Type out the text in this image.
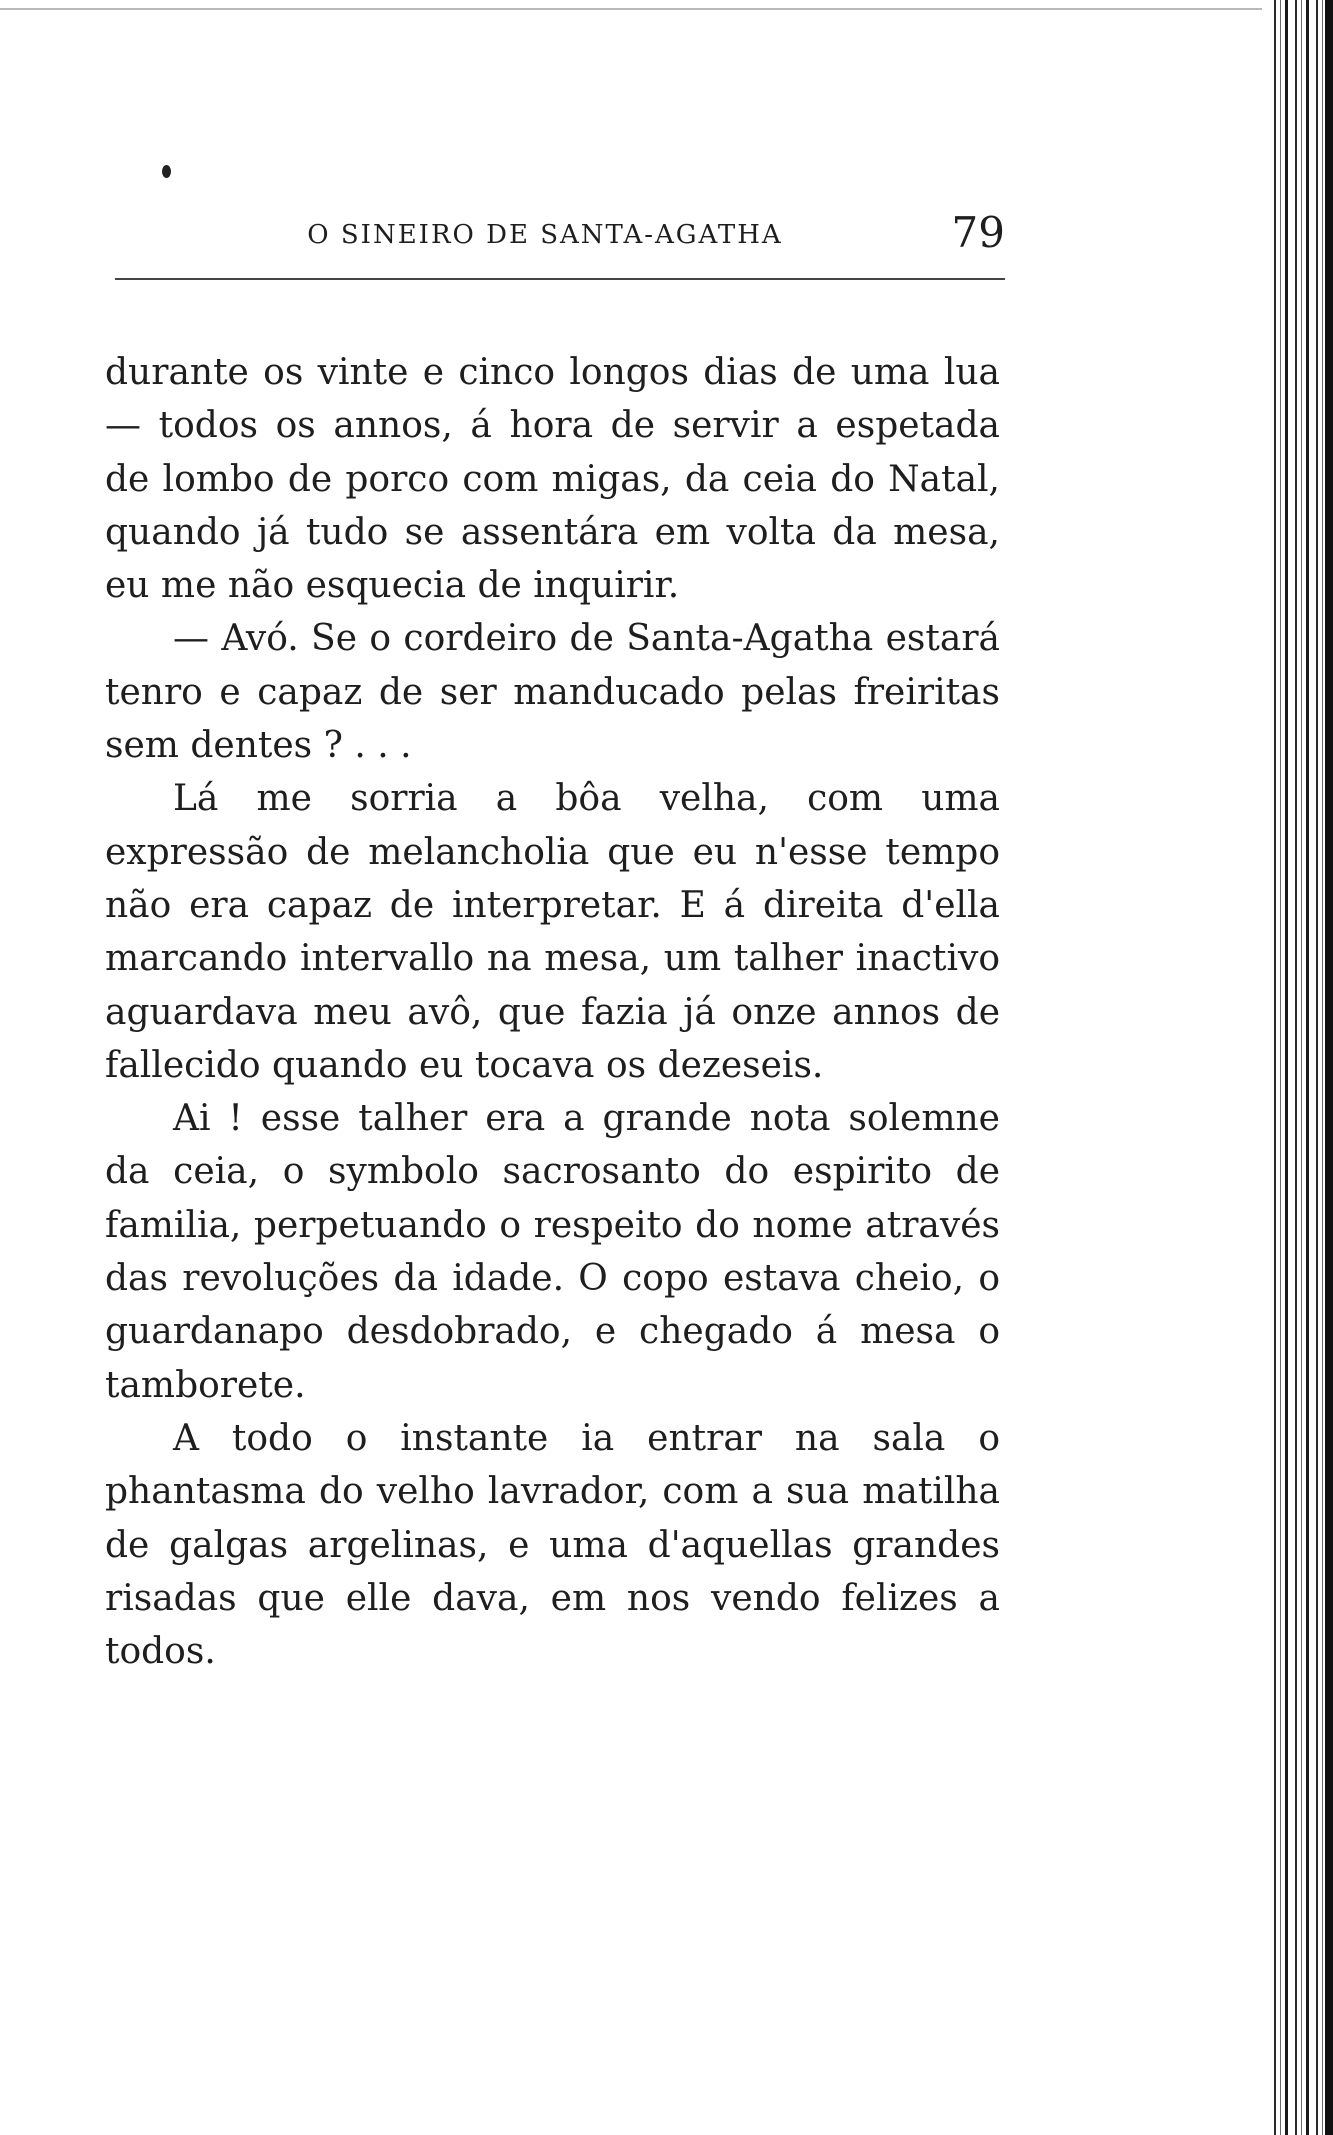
O SINEIRO DE SANTA-AGATHA	79

durante os vinte e cinco longos dias de uma lua — todos os annos, á hora de servir a espetada de lombo de porco com migas, da ceia do Natal, quando já tudo se assentára em volta da mesa, eu me não esquecia de inquirir.

— Avó. Se o cordeiro de Santa-Agatha estará tenro e capaz de ser manducado pelas freiritas sem dentes ? . . .

Lá me sorria a bôa velha, com uma expressão de melancholia que eu n'esse tempo não era capaz de interpretar. E á direita d'ella marcando intervallo na mesa, um talher inactivo aguardava meu avô, que fazia já onze annos de fallecido quando eu tocava os dezeseis.

Ai ! esse talher era a grande nota solemne da ceia, o symbolo sacrosanto do espirito de familia, perpetuando o respeito do nome através das revoluções da idade. O copo estava cheio, o guardanapo desdobrado, e chegado á mesa o tamborete.

A todo o instante ia entrar na sala o phantasma do velho lavrador, com a sua matilha de galgas argelinas, e uma d'aquellas grandes risadas que elle dava, em nos vendo felizes a todos.
